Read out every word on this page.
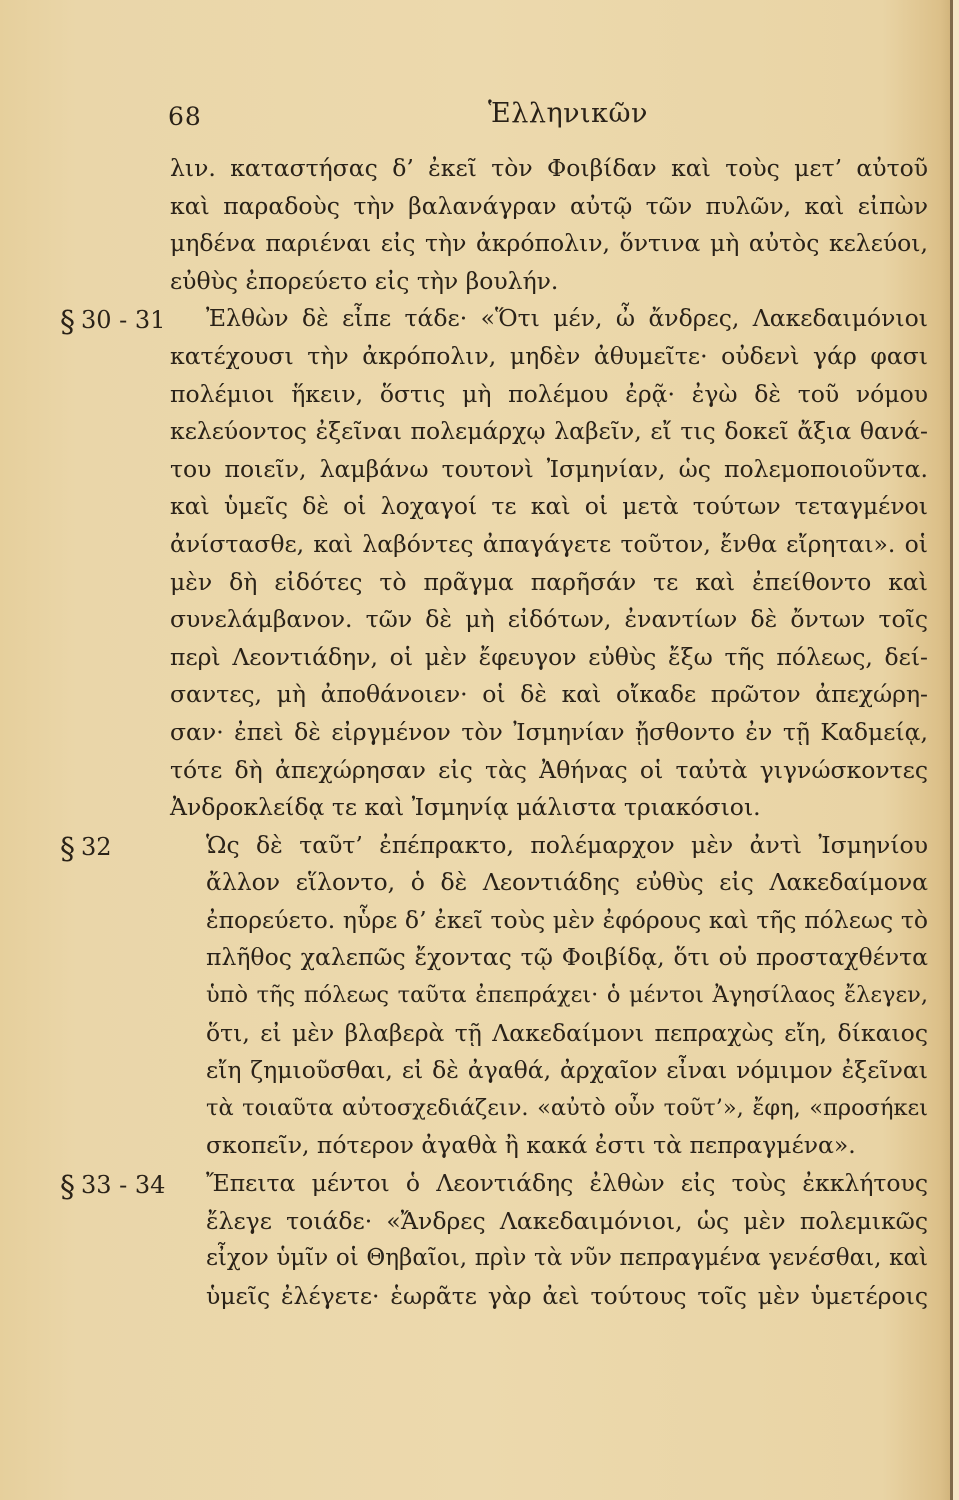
68	Ἑλληνικῶν
λιν. καταστήσας δ’ ἐκεῖ τὸν Φοιβίδαν καὶ τοὺς μετ’ αὐτοῦ
καὶ παραδοὺς τὴν βαλανάγραν αὐτῷ τῶν πυλῶν, καὶ εἰπὼν
μηδένα παριέναι εἰς τὴν ἀκρόπολιν, ὅντινα μὴ αὐτὸς κελεύοι,
εὐθὺς ἐπορεύετο εἰς τὴν βουλήν.
§ 30 - 31 Ἐλθὼν δὲ εἶπε τάδε· «Ὅτι μέν, ὦ ἄνδρες, Λακεδαιμόνιοι
κατέχουσι τὴν ἀκρόπολιν, μηδὲν ἀθυμεῖτε· οὐδενὶ γάρ φασι
πολέμιοι ἥκειν, ὅστις μὴ πολέμου ἐρᾷ· ἐγὼ δὲ τοῦ νόμου
κελεύοντος ἐξεῖναι πολεμάρχῳ λαβεῖν, εἴ τις δοκεῖ ἄξια θανά-
του ποιεῖν, λαμβάνω τουτονὶ Ἰσμηνίαν, ὡς πολεμοποιοῦντα.
καὶ ὑμεῖς δὲ οἱ λοχαγοί τε καὶ οἱ μετὰ τούτων τεταγμένοι
ἀνίστασθε, καὶ λαβόντες ἀπαγάγετε τοῦτον, ἔνθα εἴρηται». οἱ
μὲν δὴ εἰδότες τὸ πρᾶγμα παρῆσάν τε καὶ ἐπείθοντο καὶ
συνελάμβανον. τῶν δὲ μὴ εἰδότων, ἐναντίων δὲ ὄντων τοῖς
περὶ Λεοντιάδην, οἱ μὲν ἔφευγον εὐθὺς ἔξω τῆς πόλεως, δεί-
σαντες, μὴ ἀποθάνοιεν· οἱ δὲ καὶ οἴκαδε πρῶτον ἀπεχώρη-
σαν· ἐπεὶ δὲ εἰργμένον τὸν Ἰσμηνίαν ᾔσθοντο ἐν τῇ Καδμείᾳ,
τότε δὴ ἀπεχώρησαν εἰς τὰς Ἀθήνας οἱ ταὐτὰ γιγνώσκοντες
Ἀνδροκλείδᾳ τε καὶ Ἰσμηνίᾳ μάλιστα τριακόσιοι.
§ 32	Ὡς δὲ ταῦτ’ ἐπέπρακτο, πολέμαρχον μὲν ἀντὶ Ἰσμηνίου
ἄλλον εἵλοντο, ὁ δὲ Λεοντιάδης εὐθὺς εἰς Λακεδαίμονα
ἐπορεύετο. ηὗρε δ’ ἐκεῖ τοὺς μὲν ἐφόρους καὶ τῆς πόλεως τὸ
πλῆθος χαλεπῶς ἔχοντας τῷ Φοιβίδᾳ, ὅτι οὐ προσταχθέντα
ὑπὸ τῆς πόλεως ταῦτα ἐπεπράχει· ὁ μέντοι Ἀγησίλαος ἔλεγεν,
ὅτι, εἰ μὲν βλαβερὰ τῇ Λακεδαίμονι πεπραχὼς εἴη, δίκαιος
εἴη ζημιοῦσθαι, εἰ δὲ ἀγαθά, ἀρχαῖον εἶναι νόμιμον ἐξεῖναι
τὰ τοιαῦτα αὐτοσχεδιάζειν. «αὐτὸ οὖν τοῦτ’», ἔφη, «προσήκει
σκοπεῖν, πότερον ἀγαθὰ ἢ κακά ἐστι τὰ πεπραγμένα».
§ 33 - 34 Ἔπειτα μέντοι ὁ Λεοντιάδης ἐλθὼν εἰς τοὺς ἐκκλήτους
ἔλεγε τοιάδε· «Ἄνδρες Λακεδαιμόνιοι, ὡς μὲν πολεμικῶς
εἶχον ὑμῖν οἱ Θηβαῖοι, πρὶν τὰ νῦν πεπραγμένα γενέσθαι, καὶ
ὑμεῖς ἐλέγετε· ἑωρᾶτε γὰρ ἀεὶ τούτους τοῖς μὲν ὑμετέροις
